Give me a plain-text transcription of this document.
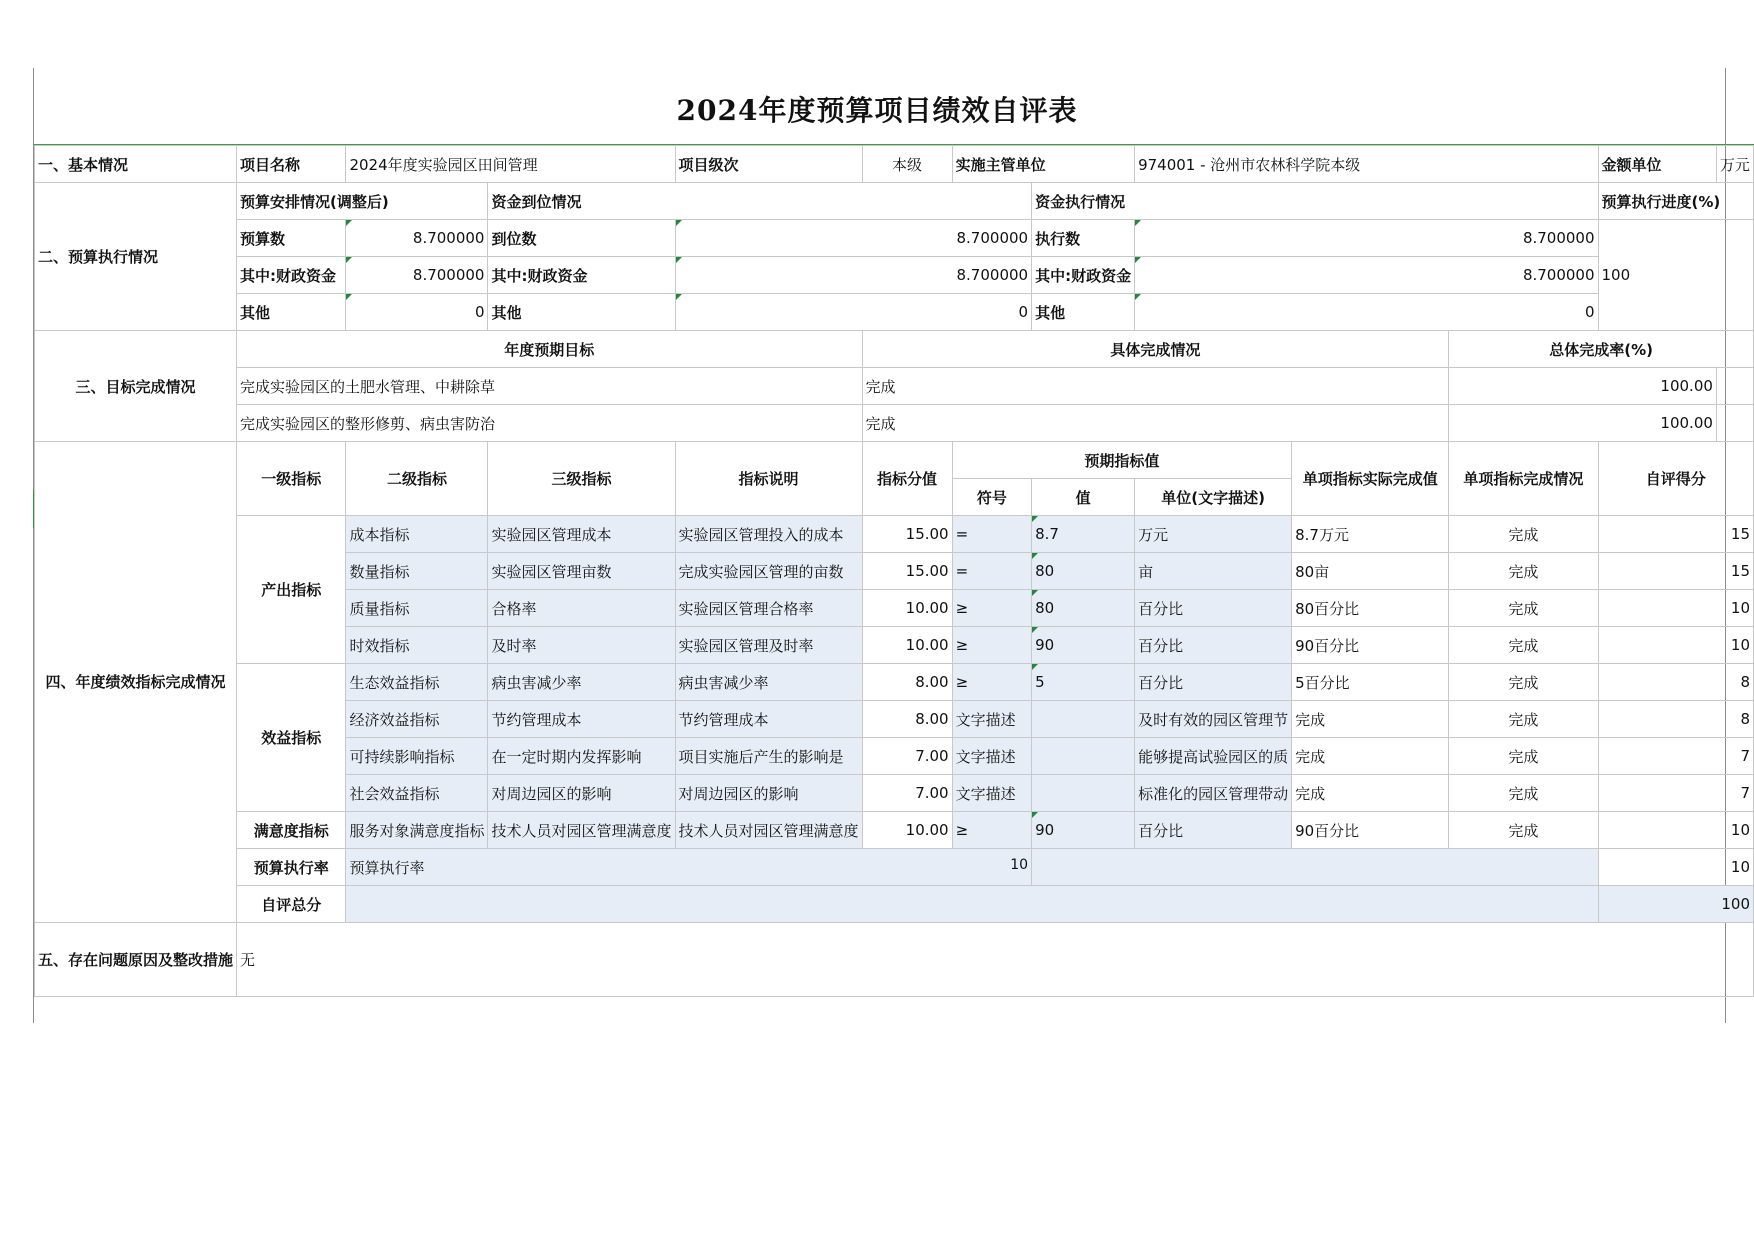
2024年度预算项目绩效自评表
一、基本情况	项目名称	2024年度实验园区田间管理		项目级次	本级	实施主管单位		974001 - 沧州市农林科学院本级			金额单位	万元
二、预算执行情况	预算安排情况(调整后)		资金到位情况				资金执行情况				预算执行进度(%)	
	预算数	8.700000	到位数	8.700000			执行数	8.700000			100	
	其中:财政资金	8.700000	其中:财政资金	8.700000			其中:财政资金	8.700000				
	其他	0	其他	0			其他	0				
三、目标完成情况	年度预期目标				具体完成情况					总体完成率(%)		
	完成实验园区的土肥水管理、中耕除草				完成					100.00		
	完成实验园区的整形修剪、病虫害防治				完成					100.00		
四、年度绩效指标完成情况	一级指标	二级指标	三级指标	指标说明	指标分值	预期指标值			单项指标实际完成值	单项指标完成情况	自评得分	
						符号	值	单位(文字描述)				
	产出指标	成本指标	实验园区管理成本	实验园区管理投入的成本	15.00	=	8.7	万元	8.7万元	完成	15	
		数量指标	实验园区管理亩数	完成实验园区管理的亩数	15.00	=	80	亩	80亩	完成	15	
		质量指标	合格率	实验园区管理合格率	10.00	≥	80	百分比	80百分比	完成	10	
		时效指标	及时率	实验园区管理及时率	10.00	≥	90	百分比	90百分比	完成	10	
	效益指标	生态效益指标	病虫害减少率	病虫害减少率	8.00	≥	5	百分比	5百分比	完成	8	
		经济效益指标	节约管理成本	节约管理成本	8.00	文字描述		及时有效的园区管理节	完成	完成	8	
		可持续影响指标	在一定时期内发挥影响	项目实施后产生的影响是	7.00	文字描述		能够提高试验园区的质	完成	完成	7	
		社会效益指标	对周边园区的影响	对周边园区的影响	7.00	文字描述		标准化的园区管理带动	完成	完成	7	
	满意度指标	服务对象满意度指标	技术人员对园区管理满意度	技术人员对园区管理满意度	10.00	≥	90	百分比	90百分比	完成	10	
	预算执行率	预算执行率 10									10	
	自评总分										100	
五、存在问题原因及整改措施	无											
